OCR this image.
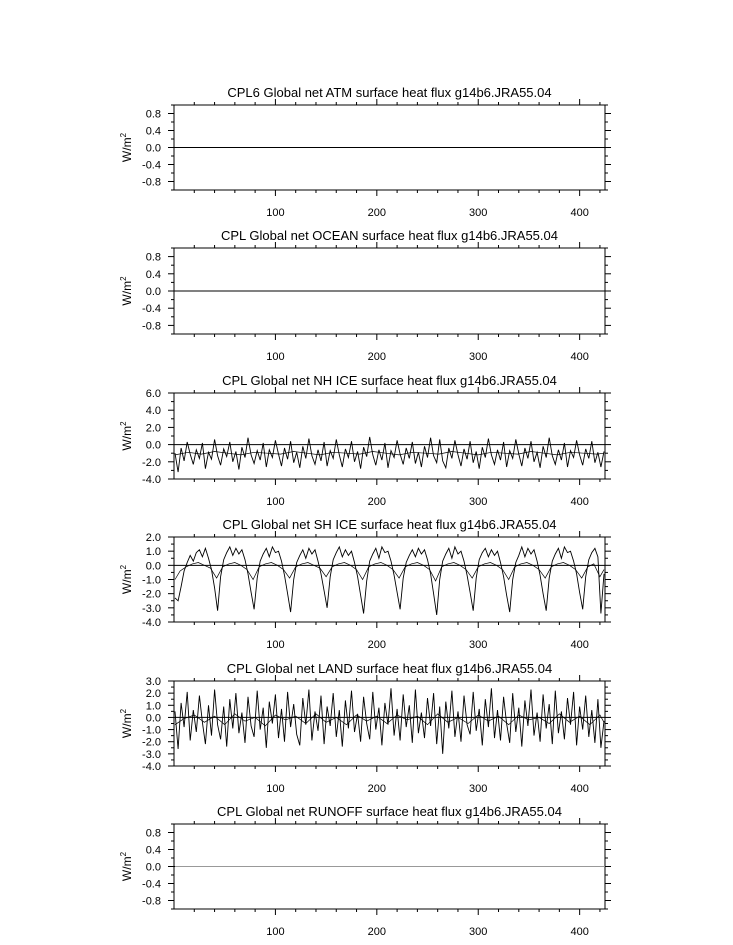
CPL6 Global net ATM surface heat flux g14b6.JRA55.04
100	200	300	400
0.8
0.4
0.0
-0.4
-0.8
$W/m^2$
CPL Global net OCEAN surface heat flux g14b6.JRA55.04
100	200	300	400
0.8
0.4
0.0
-0.4
-0.8
$W/m^2$
CPL Global net NH ICE surface heat flux g14b6.JRA55.04
100	200	300	400
6.0
4.0
2.0
0.0
-2.0
-4.0
$W/m^2$
CPL Global net SH ICE surface heat flux g14b6.JRA55.04
100	200	300	400
2.0
1.0
0.0
-1.0
-2.0
-3.0
-4.0
$W/m^2$
CPL Global net LAND surface heat flux g14b6.JRA55.04
100	200	300	400
3.0
2.0
1.0
0.0
-1.0
-2.0
-3.0
-4.0
$W/m^2$
CPL Global net RUNOFF surface heat flux g14b6.JRA55.04
100	200	300	400
0.8
0.4
0.0
-0.4
-0.8
$W/m^2$
